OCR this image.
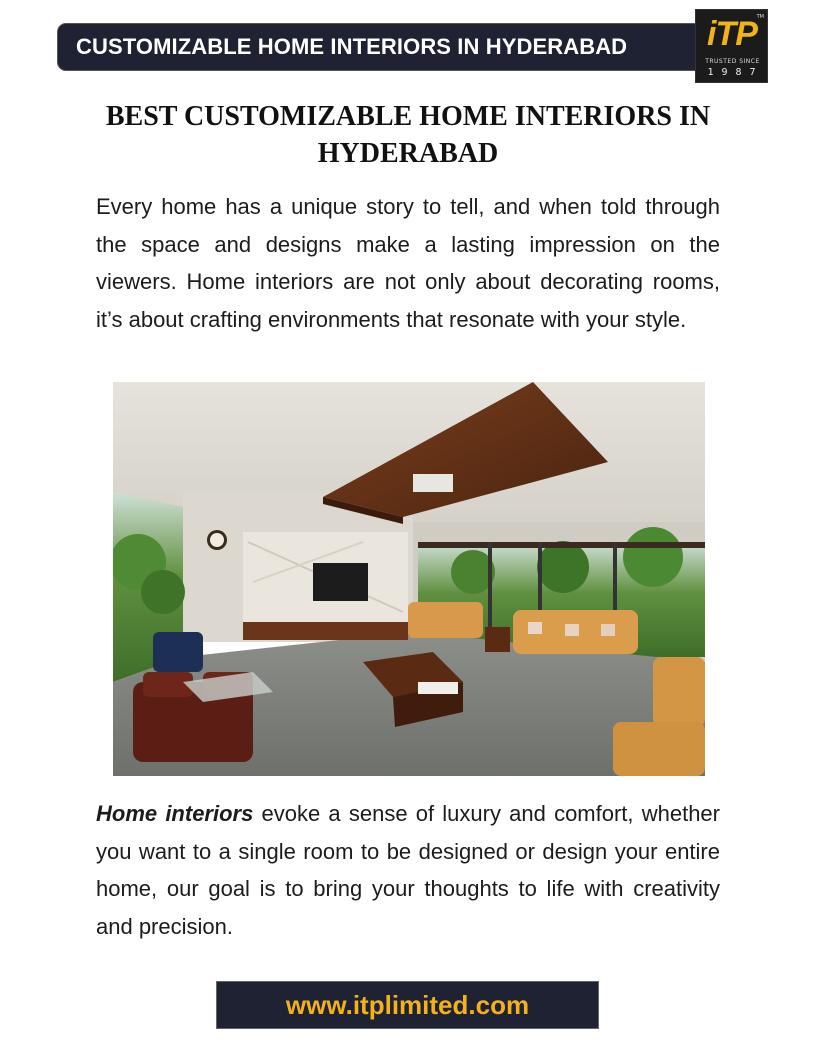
CUSTOMIZABLE HOME INTERIORS IN HYDERABAD iTP TM
TRUSTED SINCE
1987
BEST CUSTOMIZABLE HOME INTERIORS IN HYDERABAD

Every home has a unique story to tell, and when told through the space and designs make a lasting impression on the viewers. Home interiors are not only about decorating rooms, it’s about crafting environments that resonate with your style.

Home interiors evoke a sense of luxury and comfort, whether you want to a single room to be designed or design your entire home, our goal is to bring your thoughts to life with creativity and precision.

www.itplimited.com
